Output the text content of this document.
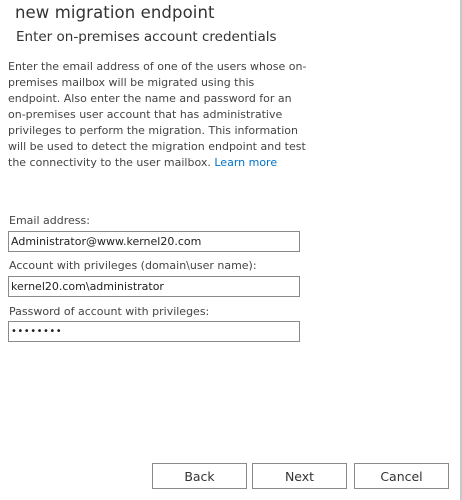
new migration endpoint
Enter on-premises account credentials
Enter the email address of one of the users whose on-premises mailbox will be migrated using this endpoint. Also enter the name and password for an on-premises user account that has administrative privileges to perform the migration. This information will be used to detect the migration endpoint and test the connectivity to the user mailbox. Learn more
Email address:
Administrator@www.kernel20.com
Account with privileges (domain\user name):
kernel20.com\administrator
Password of account with privileges:
••••••••
Back	Next	Cancel
